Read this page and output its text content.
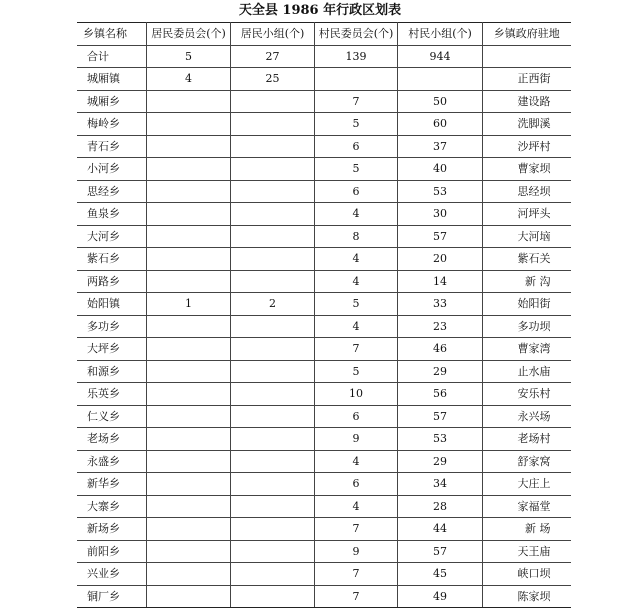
天全县 1986 年行政区划表
乡镇名称	居民委员会(个)	居民小组(个)	村民委员会(个)	村民小组(个)	乡镇政府驻地
合计	5	27	139	944	
城厢镇	4	25			正西街
城厢乡			7	50	建设路
梅岭乡			5	60	洗脚溪
青石乡			6	37	沙坪村
小河乡			5	40	曹家坝
思经乡			6	53	思经坝
鱼泉乡			4	30	河坪头
大河乡			8	57	大河垴
紫石乡			4	20	紫石关
两路乡			4	14	新 沟
始阳镇	1	2	5	33	始阳街
多功乡			4	23	多功坝
大坪乡			7	46	曹家湾
和源乡			5	29	止水庙
乐英乡			10	56	安乐村
仁义乡			6	57	永兴场
老场乡			9	53	老场村
永盛乡			4	29	舒家窝
新华乡			6	34	大庄上
大寨乡			4	28	家福堂
新场乡			7	44	新 场
前阳乡			9	57	天王庙
兴业乡			7	45	峡口坝
铜厂乡			7	49	陈家坝
